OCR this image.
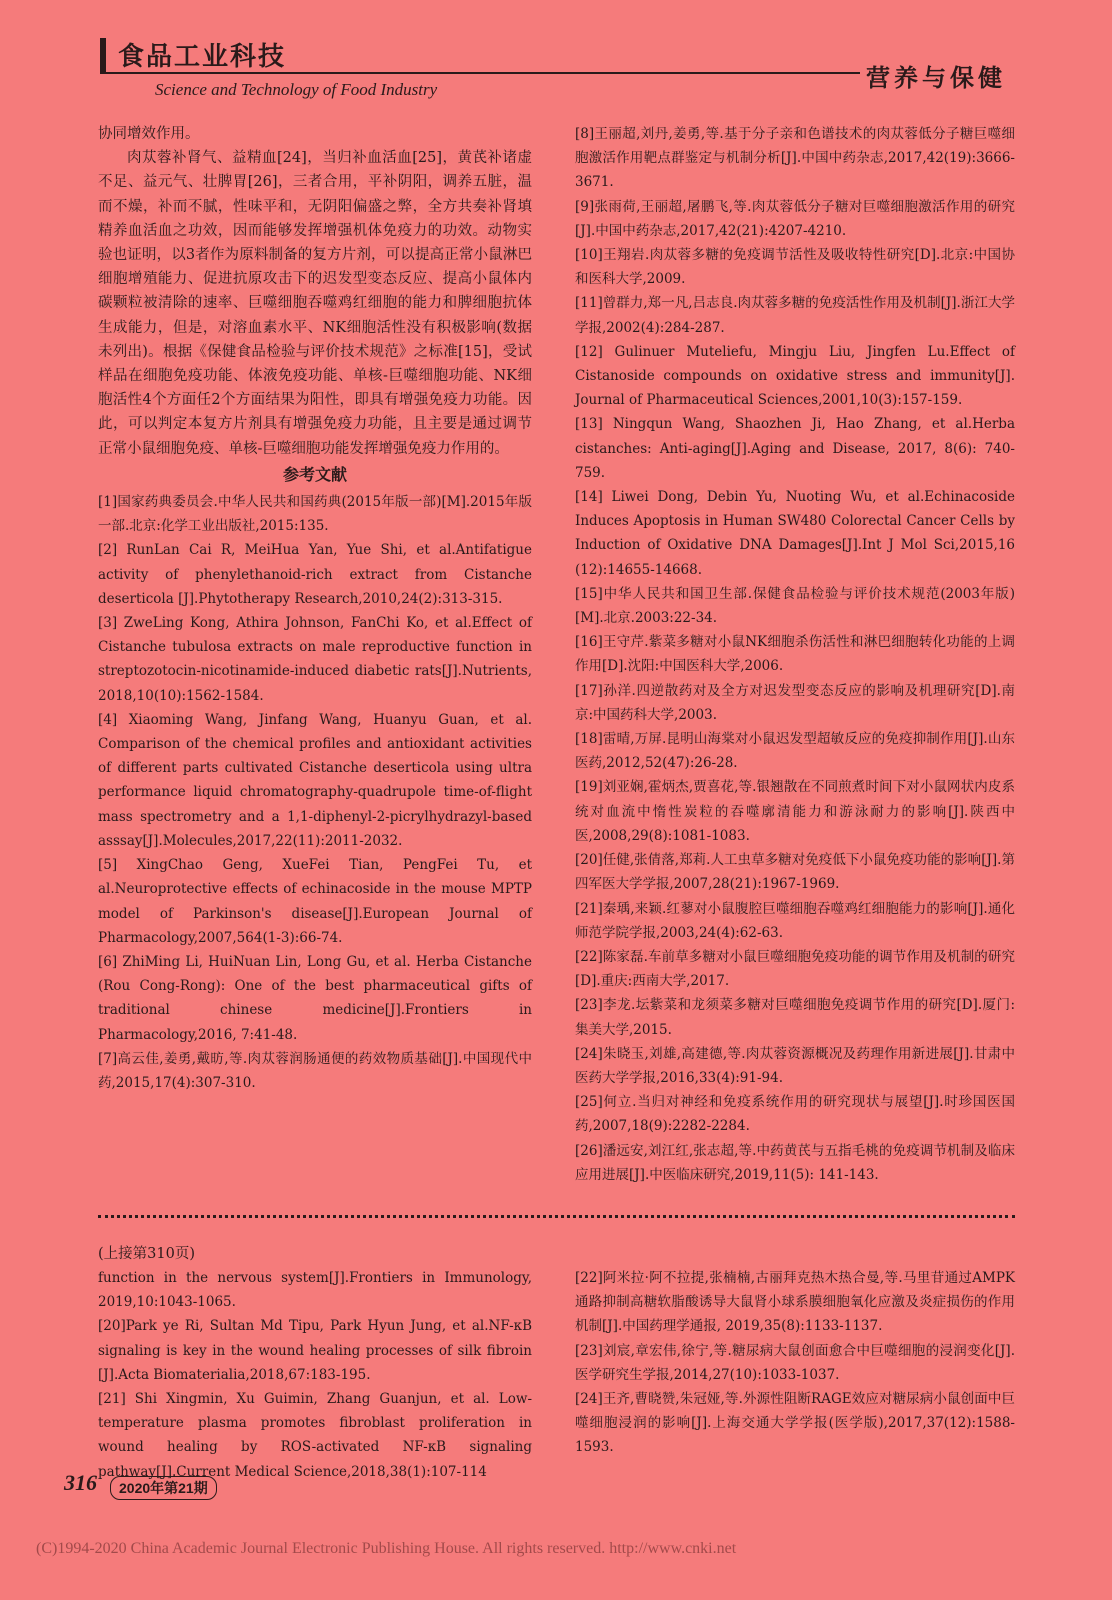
食品工业科技
Science and Technology of Food Industry	营养与保健

协同增效作用。

肉苁蓉补肾气、益精血[24]，当归补血活血[25]，黄芪补诸虚不足、益元气、壮脾胃[26]，三者合用，平补阴阳，调养五脏，温而不燥，补而不腻，性味平和，无阴阳偏盛之弊，全方共奏补肾填精养血活血之功效，因而能够发挥增强机体免疫力的功效。动物实验也证明，以3者作为原料制备的复方片剂，可以提高正常小鼠淋巴细胞增殖能力、促进抗原攻击下的迟发型变态反应、提高小鼠体内碳颗粒被清除的速率、巨噬细胞吞噬鸡红细胞的能力和脾细胞抗体生成能力，但是，对溶血素水平、NK细胞活性没有积极影响(数据未列出)。根据《保健食品检验与评价技术规范》之标准[15]，受试样品在细胞免疫功能、体液免疫功能、单核-巨噬细胞功能、NK细胞活性4个方面任2个方面结果为阳性，即具有增强免疫力功能。因此，可以判定本复方片剂具有增强免疫力功能，且主要是通过调节正常小鼠细胞免疫、单核-巨噬细胞功能发挥增强免疫力作用的。

参考文献

[1]国家药典委员会.中华人民共和国药典(2015年版一部)[M].2015年版一部.北京:化学工业出版社,2015:135.

[2] RunLan Cai R, MeiHua Yan, Yue Shi, et al.Antifatigue activity of phenylethanoid-rich extract from Cistanche deserticola [J].Phytotherapy Research,2010,24(2):313-315.

[3] ZweLing Kong, Athira Johnson, FanChi Ko, et al.Effect of Cistanche tubulosa extracts on male reproductive function in streptozotocin-nicotinamide-induced diabetic rats[J].Nutrients, 2018,10(10):1562-1584.

[4] Xiaoming Wang, Jinfang Wang, Huanyu Guan, et al. Comparison of the chemical profiles and antioxidant activities of different parts cultivated Cistanche deserticola using ultra performance liquid chromatography-quadrupole time-of-flight mass spectrometry and a 1,1-diphenyl-2-picrylhydrazyl-based asssay[J].Molecules,2017,22(11):2011-2032.

[5] XingChao Geng, XueFei Tian, PengFei Tu, et al.Neuroprotective effects of echinacoside in the mouse MPTP model of Parkinson's disease[J].European Journal of Pharmacology,2007,564(1-3):66-74.

[6] ZhiMing Li, HuiNuan Lin, Long Gu, et al. Herba Cistanche (Rou Cong-Rong): One of the best pharmaceutical gifts of traditional chinese medicine[J].Frontiers in Pharmacology,2016, 7:41-48.

[7]高云佳,姜勇,戴昉,等.肉苁蓉润肠通便的药效物质基础[J].中国现代中药,2015,17(4):307-310.

[8]王丽超,刘丹,姜勇,等.基于分子亲和色谱技术的肉苁蓉低分子糖巨噬细胞激活作用靶点群鉴定与机制分析[J].中国中药杂志,2017,42(19):3666-3671.

[9]张雨荷,王丽超,屠鹏飞,等.肉苁蓉低分子糖对巨噬细胞激活作用的研究[J].中国中药杂志,2017,42(21):4207-4210.

[10]王翔岩.肉苁蓉多糖的免疫调节活性及吸收特性研究[D].北京:中国协和医科大学,2009.

[11]曾群力,郑一凡,吕志良.肉苁蓉多糖的免疫活性作用及机制[J].浙江大学学报,2002(4):284-287.

[12] Gulinuer Muteliefu, Mingju Liu, Jingfen Lu.Effect of Cistanoside compounds on oxidative stress and immunity[J]. Journal of Pharmaceutical Sciences,2001,10(3):157-159.

[13] Ningqun Wang, Shaozhen Ji, Hao Zhang, et al.Herba cistanches: Anti-aging[J].Aging and Disease, 2017, 8(6): 740-759.

[14] Liwei Dong, Debin Yu, Nuoting Wu, et al.Echinacoside Induces Apoptosis in Human SW480 Colorectal Cancer Cells by Induction of Oxidative DNA Damages[J].Int J Mol Sci,2015,16 (12):14655-14668.

[15]中华人民共和国卫生部.保健食品检验与评价技术规范(2003年版)[M].北京.2003:22-34.

[16]王守芹.紫菜多糖对小鼠NK细胞杀伤活性和淋巴细胞转化功能的上调作用[D].沈阳:中国医科大学,2006.

[17]孙洋.四逆散药对及全方对迟发型变态反应的影响及机理研究[D].南京:中国药科大学,2003.

[18]雷晴,万屏.昆明山海棠对小鼠迟发型超敏反应的免疫抑制作用[J].山东医药,2012,52(47):26-28.

[19]刘亚娴,霍炳杰,贾喜花,等.银翘散在不同煎煮时间下对小鼠网状内皮系统对血流中惰性炭粒的吞噬廓清能力和游泳耐力的影响[J].陕西中医,2008,29(8):1081-1083.

[20]任健,张倩落,郑莉.人工虫草多糖对免疫低下小鼠免疫功能的影响[J].第四军医大学学报,2007,28(21):1967-1969.

[21]秦瑀,来颖.红蓼对小鼠腹腔巨噬细胞吞噬鸡红细胞能力的影响[J].通化师范学院学报,2003,24(4):62-63.

[22]陈家磊.车前草多糖对小鼠巨噬细胞免疫功能的调节作用及机制的研究[D].重庆:西南大学,2017.

[23]李龙.坛紫菜和龙须菜多糖对巨噬细胞免疫调节作用的研究[D].厦门:集美大学,2015.

[24]朱晓玉,刘雄,高建德,等.肉苁蓉资源概况及药理作用新进展[J].甘肃中医药大学学报,2016,33(4):91-94.

[25]何立.当归对神经和免疫系统作用的研究现状与展望[J].时珍国医国药,2007,18(9):2282-2284.

[26]潘远安,刘江红,张志超,等.中药黄芪与五指毛桃的免疫调节机制及临床应用进展[J].中医临床研究,2019,11(5): 141-143.

(上接第310页)

function in the nervous system[J].Frontiers in Immunology, 2019,10:1043-1065.

[20]Park ye Ri, Sultan Md Tipu, Park Hyun Jung, et al.NF-κB signaling is key in the wound healing processes of silk fibroin [J].Acta Biomaterialia,2018,67:183-195.

[21] Shi Xingmin, Xu Guimin, Zhang Guanjun, et al. Low-temperature plasma promotes fibroblast proliferation in wound healing by ROS-activated NF-κB signaling pathway[J].Current Medical Science,2018,38(1):107-114

[22]阿米拉·阿不拉提,张楠楠,古丽拜克热木热合曼,等.马里苷通过AMPK通路抑制高糖软脂酸诱导大鼠肾小球系膜细胞氧化应激及炎症损伤的作用机制[J].中国药理学通报, 2019,35(8):1133-1137.

[23]刘宸,章宏伟,徐宁,等.糖尿病大鼠创面愈合中巨噬细胞的浸润变化[J].医学研究生学报,2014,27(10):1033-1037.

[24]王齐,曹晓赞,朱冠娅,等.外源性阻断RAGE效应对糖尿病小鼠创面中巨噬细胞浸润的影响[J].上海交通大学学报(医学版),2017,37(12):1588-1593.

316	2020年第21期
(C)1994-2020 China Academic Journal Electronic Publishing House. All rights reserved. http://www.cnki.net
